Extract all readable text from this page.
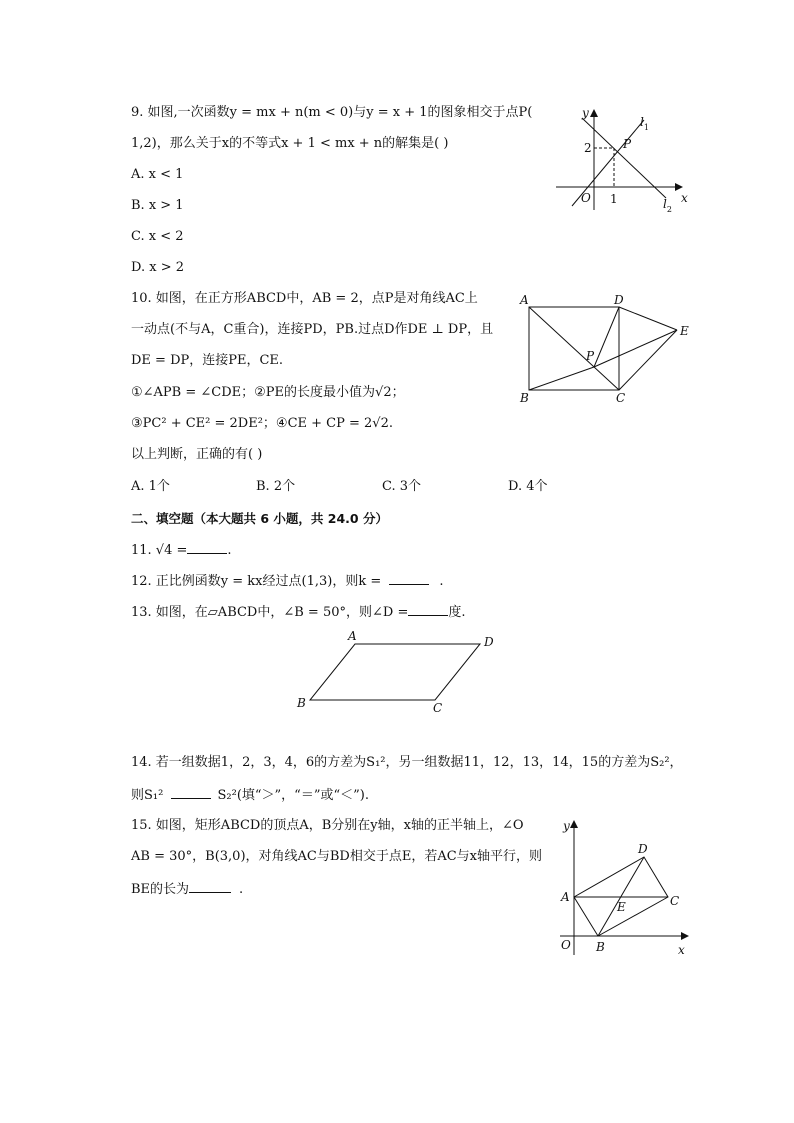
9. 如图,一次函数y = mx + n(m < 0)与y = x + 1的图象相交于点P(
1,2)，那么关于x的不等式x + 1 < mx + n的解集是( )
A. x < 1
B. x > 1
C. x < 2
D. x > 2
y
x
O 1
2	P
$l_1$
$l_2$
10. 如图，在正方形ABCD中，AB = 2，点P是对角线AC上
一动点(不与A，C重合)，连接PD，PB.过点D作DE ⊥ DP，且
DE = DP，连接PE，CE.
①∠APB = ∠CDE；②PE的长度最小值为√2；
③PC² + CE² = 2DE²；④CE + CP = 2√2.
以上判断，正确的有( )
A. 1个	B. 2个	C. 3个	D. 4个
A	D
E
P
B	C
二、填空题（本大题共 6 小题，共 24.0 分）
11. √4 =	.
12. 正比例函数y = kx经过点(1,3)，则k =	.
13. 如图，在▱ABCD中，∠B = 50°，则∠D =	度.
A	D
B	C
14. 若一组数据1，2，3，4，6的方差为S₁²，另一组数据11，12，13，14，15的方差为S₂²，
则S₁²	S₂²(填“＞”，“＝”或“＜”).
15. 如图，矩形ABCD的顶点A，B分别在y轴，x轴的正半轴上，∠O
AB = 30°，B(3,0)，对角线AC与BD相交于点E，若AC与x轴平行，则
BE的长为	.
y
x
O
A
B
C
D
E
